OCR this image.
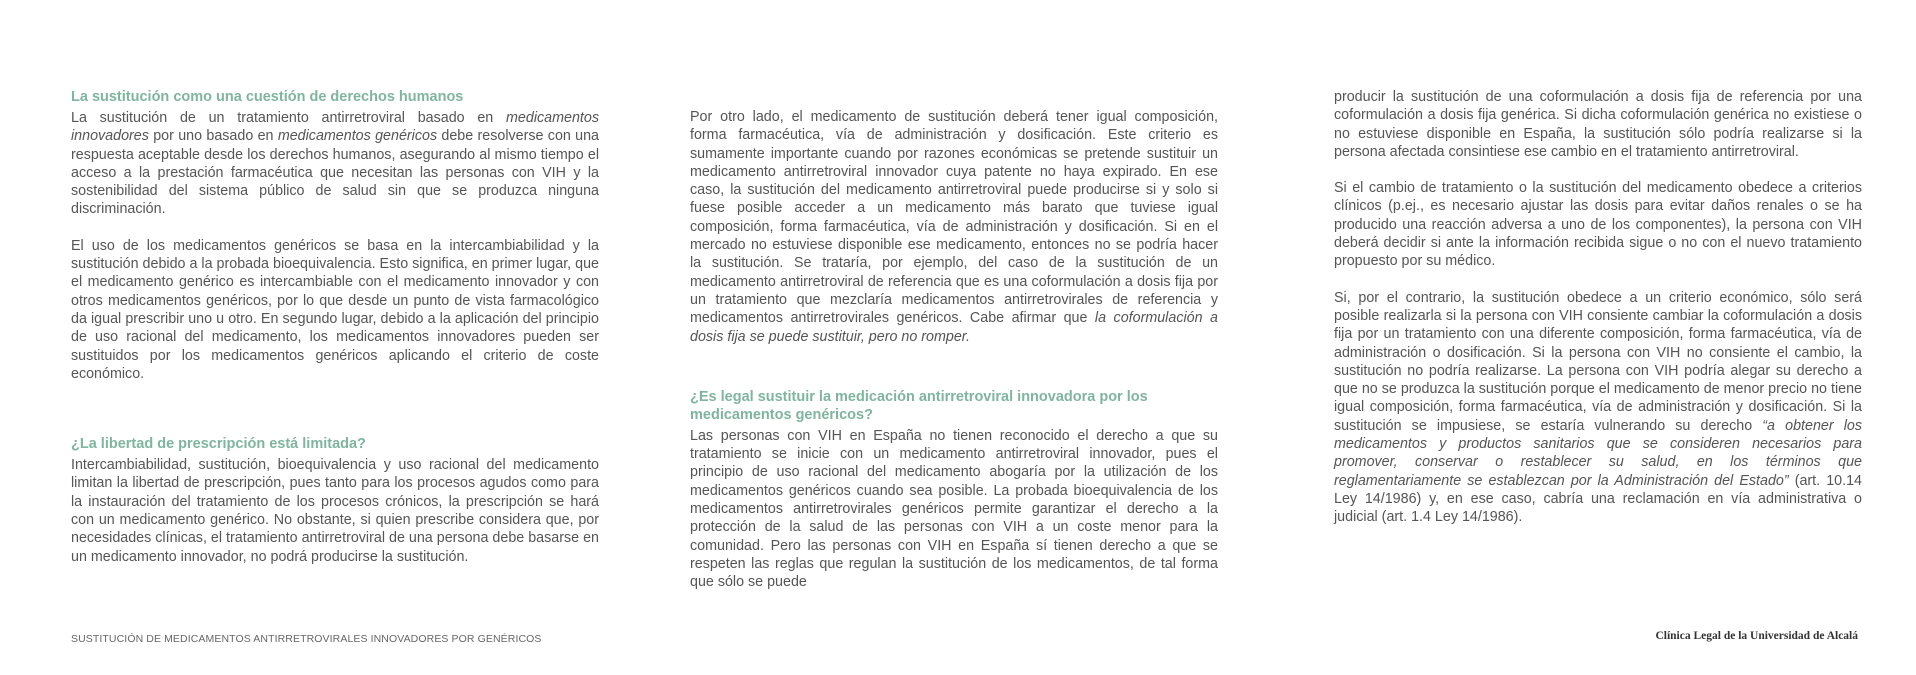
La sustitución como una cuestión de derechos humanos

La sustitución de un tratamiento antirretroviral basado en medicamentos innovadores por uno basado en medicamentos genéricos debe resolverse con una respuesta aceptable desde los derechos humanos, asegurando al mismo tiempo el acceso a la prestación farmacéutica que necesitan las personas con VIH y la sostenibilidad del sistema público de salud sin que se produzca ninguna discriminación.

El uso de los medicamentos genéricos se basa en la intercambiabilidad y la sustitución debido a la probada bioequivalencia. Esto significa, en primer lugar, que el medicamento genérico es intercambiable con el medicamento innovador y con otros medicamentos genéricos, por lo que desde un punto de vista farmacológico da igual prescribir uno u otro. En segundo lugar, debido a la aplicación del principio de uso racional del medicamento, los medicamentos innovadores pueden ser sustituidos por los medicamentos genéricos aplicando el criterio de coste económico.

¿La libertad de prescripción está limitada?

Intercambiabilidad, sustitución, bioequivalencia y uso racional del medicamento limitan la libertad de prescripción, pues tanto para los procesos agudos como para la instauración del tratamiento de los procesos crónicos, la prescripción se hará con un medicamento genérico. No obstante, si quien prescribe considera que, por necesidades clínicas, el tratamiento antirretroviral de una persona debe basarse en un medicamento innovador, no podrá producirse la sustitución.

Por otro lado, el medicamento de sustitución deberá tener igual composición, forma farmacéutica, vía de administración y dosificación. Este criterio es sumamente importante cuando por razones económicas se pretende sustituir un medicamento antirretroviral innovador cuya patente no haya expirado. En ese caso, la sustitución del medicamento antirretroviral puede producirse si y solo si fuese posible acceder a un medicamento más barato que tuviese igual composición, forma farmacéutica, vía de administración y dosificación. Si en el mercado no estuviese disponible ese medicamento, entonces no se podría hacer la sustitución. Se trataría, por ejemplo, del caso de la sustitución de un medicamento antirretroviral de referencia que es una coformulación a dosis fija por un tratamiento que mezclaría medicamentos antirretrovirales de referencia y medicamentos antirretrovirales genéricos. Cabe afirmar que la coformulación a dosis fija se puede sustituir, pero no romper.

¿Es legal sustituir la medicación antirretroviral innovadora por los medicamentos genéricos?

Las personas con VIH en España no tienen reconocido el derecho a que su tratamiento se inicie con un medicamento antirretroviral innovador, pues el principio de uso racional del medicamento abogaría por la utilización de los medicamentos genéricos cuando sea posible. La probada bioequivalencia de los medicamentos antirretrovirales genéricos permite garantizar el derecho a la protección de la salud de las personas con VIH a un coste menor para la comunidad. Pero las personas con VIH en España sí tienen derecho a que se respeten las reglas que regulan la sustitución de los medicamentos, de tal forma que sólo se puede

producir la sustitución de una coformulación a dosis fija de referencia por una coformulación a dosis fija genérica. Si dicha coformulación genérica no existiese o no estuviese disponible en España, la sustitución sólo podría realizarse si la persona afectada consintiese ese cambio en el tratamiento antirretroviral.

Si el cambio de tratamiento o la sustitución del medicamento obedece a criterios clínicos (p.ej., es necesario ajustar las dosis para evitar daños renales o se ha producido una reacción adversa a uno de los componentes), la persona con VIH deberá decidir si ante la información recibida sigue o no con el nuevo tratamiento propuesto por su médico.

Si, por el contrario, la sustitución obedece a un criterio económico, sólo será posible realizarla si la persona con VIH consiente cambiar la coformulación a dosis fija por un tratamiento con una diferente composición, forma farmacéutica, vía de administración o dosificación. Si la persona con VIH no consiente el cambio, la sustitución no podría realizarse. La persona con VIH podría alegar su derecho a que no se produzca la sustitución porque el medicamento de menor precio no tiene igual composición, forma farmacéutica, vía de administración y dosificación. Si la sustitución se impusiese, se estaría vulnerando su derecho “a obtener los medicamentos y productos sanitarios que se consideren necesarios para promover, conservar o restablecer su salud, en los términos que reglamentariamente se establezcan por la Administración del Estado” (art. 10.14 Ley 14/1986) y, en ese caso, cabría una reclamación en vía administrativa o judicial (art. 1.4 Ley 14/1986).

SUSTITUCIÓN DE MEDICAMENTOS ANTIRRETROVIRALES INNOVADORES POR GENÉRICOS	Clínica Legal de la Universidad de Alcalá
